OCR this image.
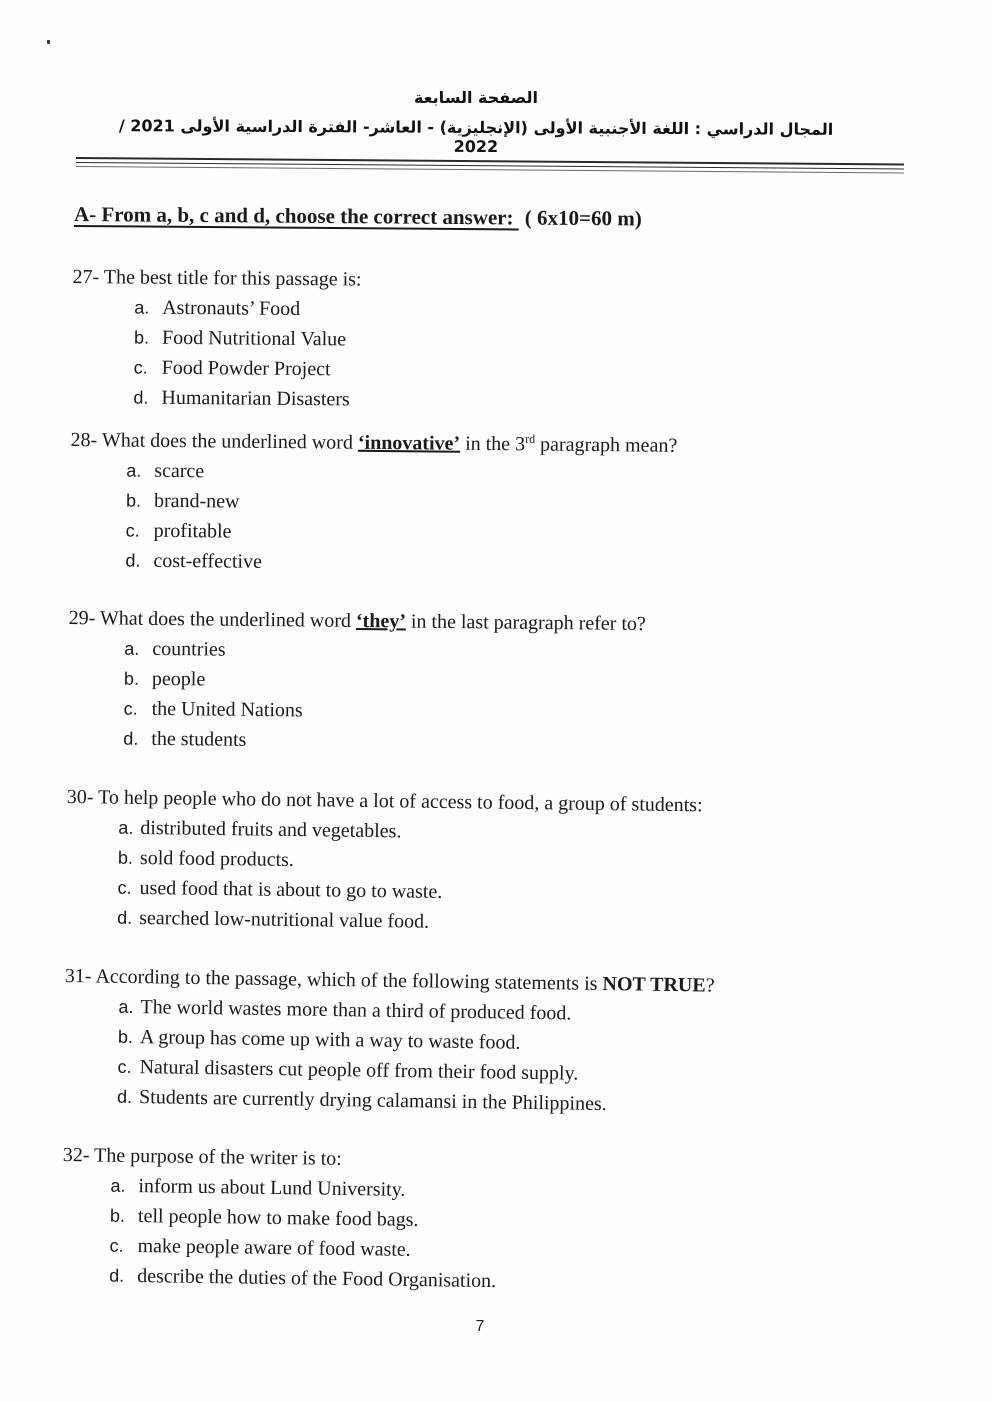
الصفحة السابعة
المجال الدراسي : اللغة الأجنبية الأولى (الإنجليزية) - العاشر- الفترة الدراسية الأولى 2021 / 2022
A- From a, b, c and d, choose the correct answer: ( 6x10=60 m)
27- The best title for this passage is:
a. Astronauts’ Food
b. Food Nutritional Value
c. Food Powder Project
d. Humanitarian Disasters
28- What does the underlined word ‘innovative’ in the 3rd paragraph mean?
a. scarce
b. brand-new
c. profitable
d. cost-effective
29- What does the underlined word ‘they’ in the last paragraph refer to?
a. countries
b. people
c. the United Nations
d. the students
30- To help people who do not have a lot of access to food, a group of students:
a. distributed fruits and vegetables.
b. sold food products.
c. used food that is about to go to waste.
d. searched low-nutritional value food.
31- According to the passage, which of the following statements is NOT TRUE?
a. The world wastes more than a third of produced food.
b. A group has come up with a way to waste food.
c. Natural disasters cut people off from their food supply.
d. Students are currently drying calamansi in the Philippines.
32- The purpose of the writer is to:
a. inform us about Lund University.
b. tell people how to make food bags.
c. make people aware of food waste.
d. describe the duties of the Food Organisation.
7
